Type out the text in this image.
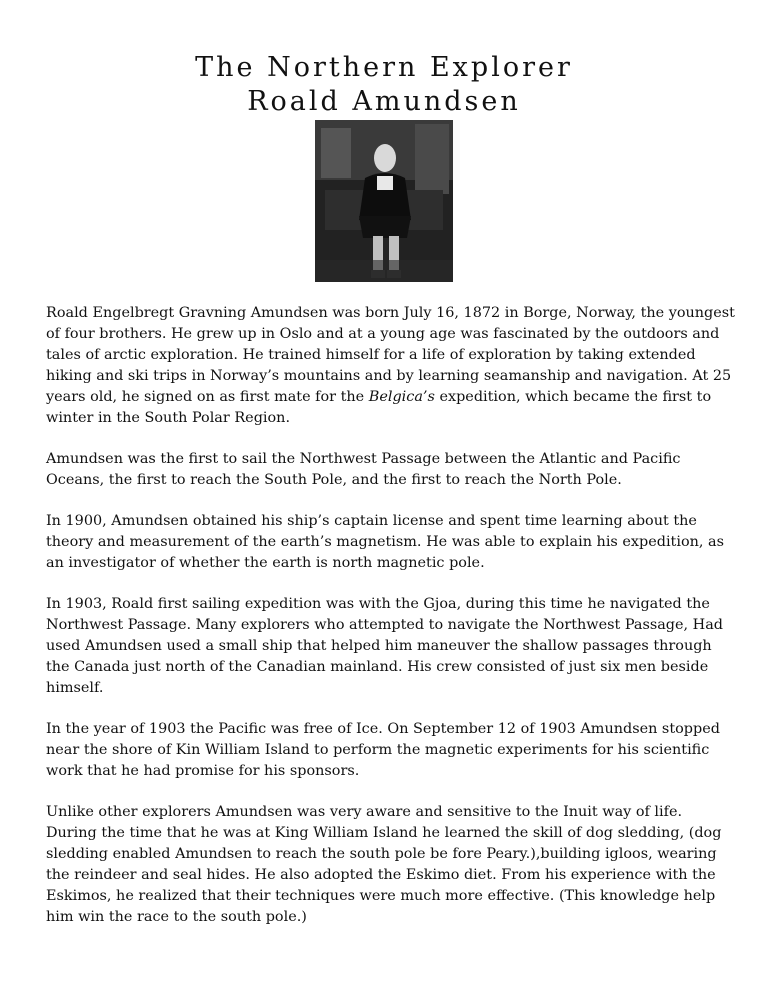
The Northern Explorer
Roald Amundsen

Roald Engelbregt Gravning Amundsen was born July 16, 1872 in Borge, Norway, the youngest of four brothers. He grew up in Oslo and at a young age was fascinated by the outdoors and tales of arctic exploration. He trained himself for a life of exploration by taking extended hiking and ski trips in Norway’s mountains and by learning seamanship and navigation. At 25 years old, he signed on as first mate for the Belgica’s expedition, which became the first to winter in the South Polar Region.

Amundsen was the first to sail the Northwest Passage between the Atlantic and Pacific Oceans, the first to reach the South Pole, and the first to reach the North Pole.

In 1900, Amundsen obtained his ship’s captain license and spent time learning about the theory and measurement of the earth’s magnetism. He was able to explain his expedition, as an investigator of whether the earth is north magnetic pole.

In 1903, Roald first sailing expedition was with the Gjoa, during this time he navigated the Northwest Passage. Many explorers who attempted to navigate the Northwest Passage, Had used Amundsen used a small ship that helped him maneuver the shallow passages through the Canada just north of the Canadian mainland. His crew consisted of just six men beside himself.

In the year of 1903 the Pacific was free of Ice. On September 12 of 1903 Amundsen stopped near the shore of Kin William Island to perform the magnetic experiments for his scientific work that he had promise for his sponsors.

Unlike other explorers Amundsen was very aware and sensitive to the Inuit way of life. During the time that he was at King William Island he learned the skill of dog sledding, (dog sledding enabled Amundsen to reach the south pole be fore Peary.),building igloos, wearing the reindeer and seal hides. He also adopted the Eskimo diet. From his experience with the Eskimos, he realized that their techniques were much more effective. (This knowledge help him win the race to the south pole.)
